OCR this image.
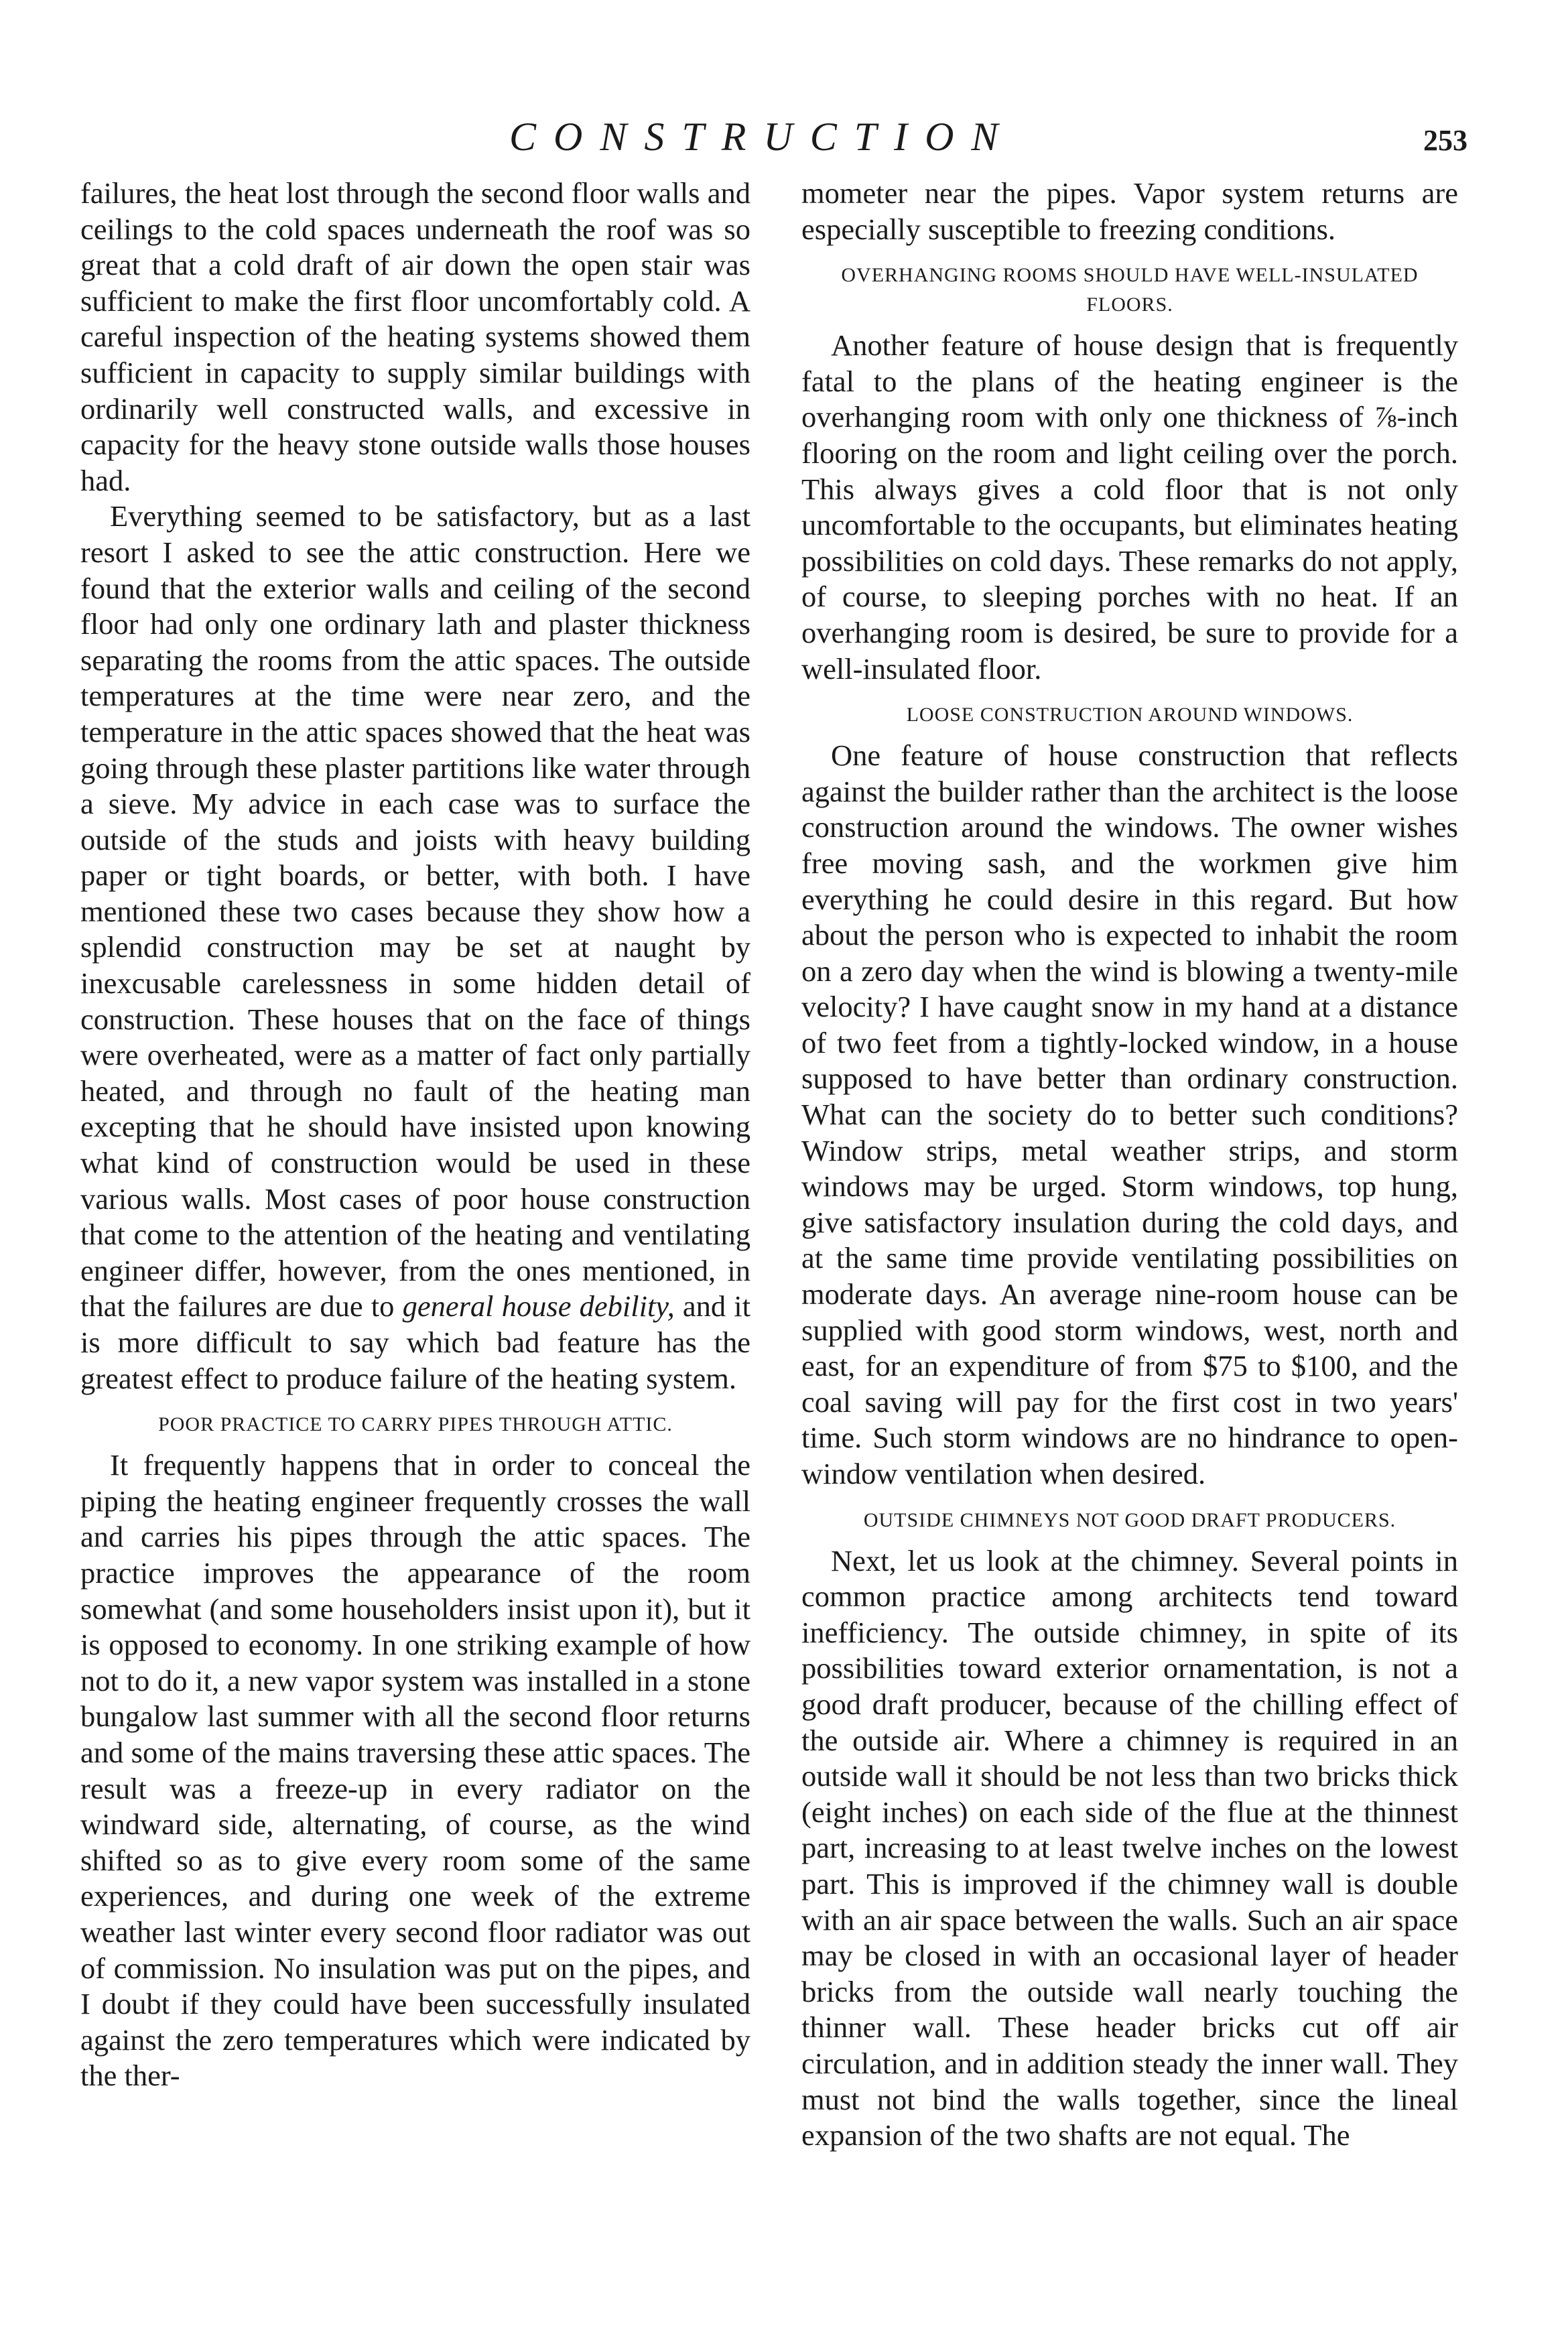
CONSTRUCTION	253

failures, the heat lost through the second floor walls and ceilings to the cold spaces underneath the roof was so great that a cold draft of air down the open stair was sufficient to make the first floor uncomfortably cold. A careful inspection of the heating systems showed them sufficient in capacity to supply similar buildings with ordinarily well constructed walls, and excessive in capacity for the heavy stone outside walls those houses had.

Everything seemed to be satisfactory, but as a last resort I asked to see the attic construction. Here we found that the exterior walls and ceiling of the second floor had only one ordinary lath and plaster thickness separating the rooms from the attic spaces. The outside temperatures at the time were near zero, and the temperature in the attic spaces showed that the heat was going through these plaster partitions like water through a sieve. My advice in each case was to surface the outside of the studs and joists with heavy building paper or tight boards, or better, with both. I have mentioned these two cases because they show how a splendid construction may be set at naught by inexcusable carelessness in some hidden detail of construction. These houses that on the face of things were overheated, were as a matter of fact only partially heated, and through no fault of the heating man excepting that he should have insisted upon knowing what kind of construction would be used in these various walls. Most cases of poor house construction that come to the attention of the heating and ventilating engineer differ, however, from the ones mentioned, in that the failures are due to general house debility, and it is more difficult to say which bad feature has the greatest effect to produce failure of the heating system.

POOR PRACTICE TO CARRY PIPES THROUGH ATTIC.

It frequently happens that in order to conceal the piping the heating engineer frequently crosses the wall and carries his pipes through the attic spaces. The practice improves the appearance of the room somewhat (and some householders insist upon it), but it is opposed to economy. In one striking example of how not to do it, a new vapor system was installed in a stone bungalow last summer with all the second floor returns and some of the mains traversing these attic spaces. The result was a freeze-up in every radiator on the windward side, alternating, of course, as the wind shifted so as to give every room some of the same experiences, and during one week of the extreme weather last winter every second floor radiator was out of commission. No insulation was put on the pipes, and I doubt if they could have been successfully insulated against the zero temperatures which were indicated by the ther-

mometer near the pipes. Vapor system returns are especially susceptible to freezing conditions.

OVERHANGING ROOMS SHOULD HAVE WELL-INSULATED FLOORS.

Another feature of house design that is frequently fatal to the plans of the heating engineer is the overhanging room with only one thickness of ⅞-inch flooring on the room and light ceiling over the porch. This always gives a cold floor that is not only uncomfortable to the occupants, but eliminates heating possibilities on cold days. These remarks do not apply, of course, to sleeping porches with no heat. If an overhanging room is desired, be sure to provide for a well-insulated floor.

LOOSE CONSTRUCTION AROUND WINDOWS.

One feature of house construction that reflects against the builder rather than the architect is the loose construction around the windows. The owner wishes free moving sash, and the workmen give him everything he could desire in this regard. But how about the person who is expected to inhabit the room on a zero day when the wind is blowing a twenty-mile velocity? I have caught snow in my hand at a distance of two feet from a tightly-locked window, in a house supposed to have better than ordinary construction. What can the society do to better such conditions? Window strips, metal weather strips, and storm windows may be urged. Storm windows, top hung, give satisfactory insulation during the cold days, and at the same time provide ventilating possibilities on moderate days. An average nine-room house can be supplied with good storm windows, west, north and east, for an expenditure of from $75 to $100, and the coal saving will pay for the first cost in two years' time. Such storm windows are no hindrance to open-window ventilation when desired.

OUTSIDE CHIMNEYS NOT GOOD DRAFT PRODUCERS.

Next, let us look at the chimney. Several points in common practice among architects tend toward inefficiency. The outside chimney, in spite of its possibilities toward exterior ornamentation, is not a good draft producer, because of the chilling effect of the outside air. Where a chimney is required in an outside wall it should be not less than two bricks thick (eight inches) on each side of the flue at the thinnest part, increasing to at least twelve inches on the lowest part. This is improved if the chimney wall is double with an air space between the walls. Such an air space may be closed in with an occasional layer of header bricks from the outside wall nearly touching the thinner wall. These header bricks cut off air circulation, and in addition steady the inner wall. They must not bind the walls together, since the lineal expansion of the two shafts are not equal. The
